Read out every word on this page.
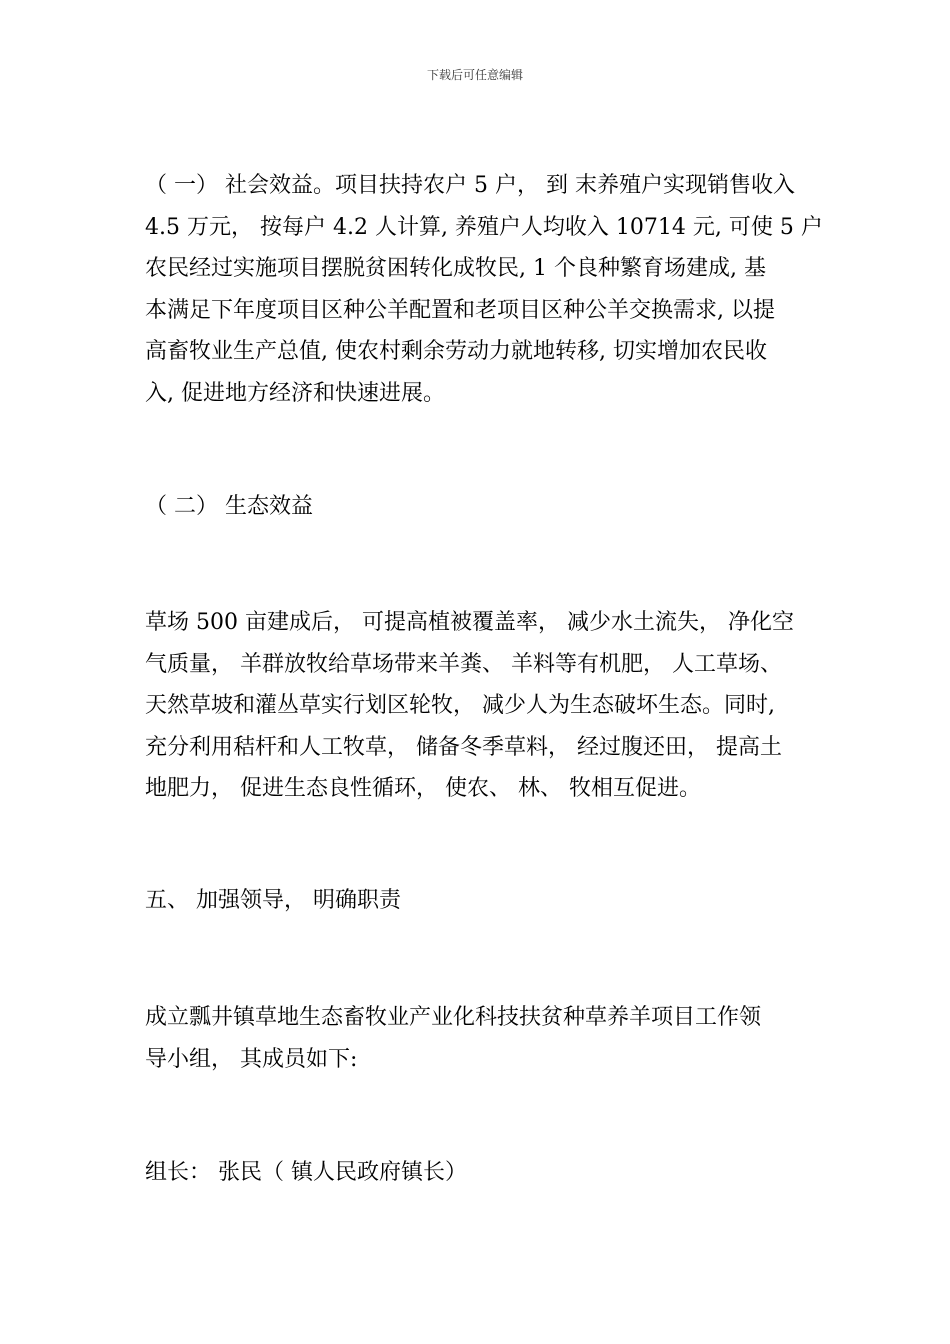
下载后可任意编辑

（ 一） 社会效益。项目扶持农户 5 户， 到 末养殖户实现销售收入
4.5 万元， 按每户 4.2 人计算, 养殖户人均收入 10714 元, 可使 5 户
农民经过实施项目摆脱贫困转化成牧民, 1 个良种繁育场建成, 基
本满足下年度项目区种公羊配置和老项目区种公羊交换需求, 以提
高畜牧业生产总值, 使农村剩余劳动力就地转移, 切实增加农民收
入, 促进地方经济和快速进展。

（ 二） 生态效益

草场 500 亩建成后， 可提高植被覆盖率， 减少水土流失， 净化空
气质量， 羊群放牧给草场带来羊粪、 羊料等有机肥， 人工草场、
天然草坡和灌丛草实行划区轮牧， 减少人为生态破坏生态。同时,
充分利用秸杆和人工牧草， 储备冬季草料， 经过腹还田， 提高土
地肥力， 促进生态良性循环， 使农、 林、 牧相互促进。

五、 加强领导， 明确职责

成立瓢井镇草地生态畜牧业产业化科技扶贫种草养羊项目工作领
导小组， 其成员如下:

组长： 张民（ 镇人民政府镇长）
